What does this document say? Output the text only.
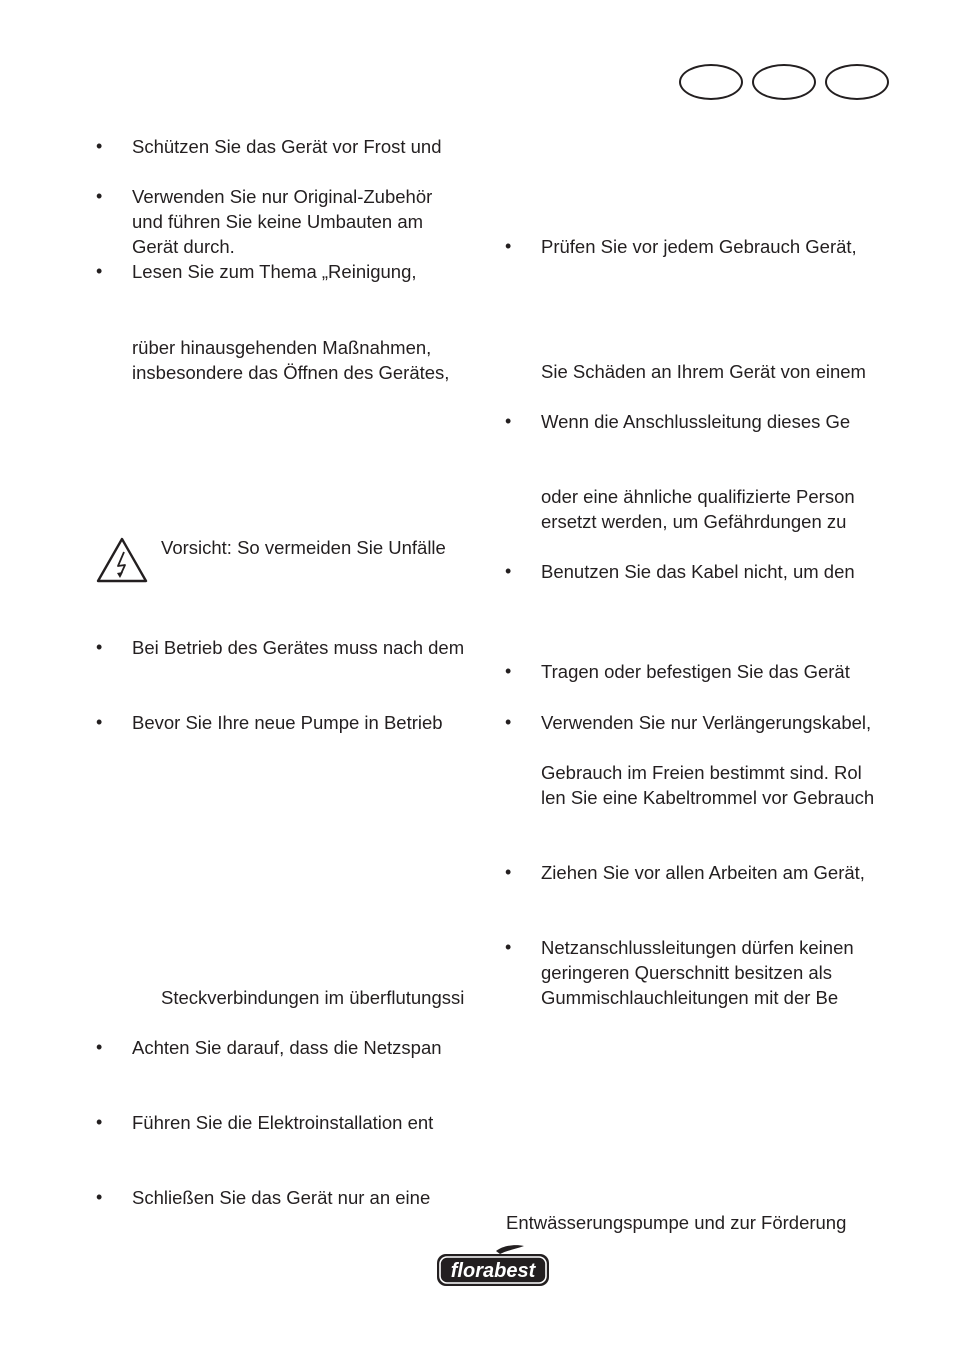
• Schützen Sie das Gerät vor Frost und
• Verwenden Sie nur Original-Zubehör
und führen Sie keine Umbauten am
Gerät durch.
• Lesen Sie zum Thema „Reinigung,
rüber hinausgehenden Maßnahmen,
insbesondere das Öffnen des Gerätes,
Vorsicht: So vermeiden Sie Unfälle
• Bei Betrieb des Gerätes muss nach dem
• Bevor Sie Ihre neue Pumpe in Betrieb
Steckverbindungen im überflutungssi
• Achten Sie darauf, dass die Netzspan
• Führen Sie die Elektroinstallation ent
• Schließen Sie das Gerät nur an eine
• Prüfen Sie vor jedem Gebrauch Gerät,
Sie Schäden an Ihrem Gerät von einem
• Wenn die Anschlussleitung dieses Ge
oder eine ähnliche qualifizierte Person
ersetzt werden, um Gefährdungen zu
• Benutzen Sie das Kabel nicht, um den
• Tragen oder befestigen Sie das Gerät
• Verwenden Sie nur Verlängerungskabel,
Gebrauch im Freien bestimmt sind. Rol
len Sie eine Kabeltrommel vor Gebrauch
• Ziehen Sie vor allen Arbeiten am Gerät,
• Netzanschlussleitungen dürfen keinen
geringeren Querschnitt besitzen als
Gummischlauchleitungen mit der Be
Entwässerungspumpe und zur Förderung
florabest
